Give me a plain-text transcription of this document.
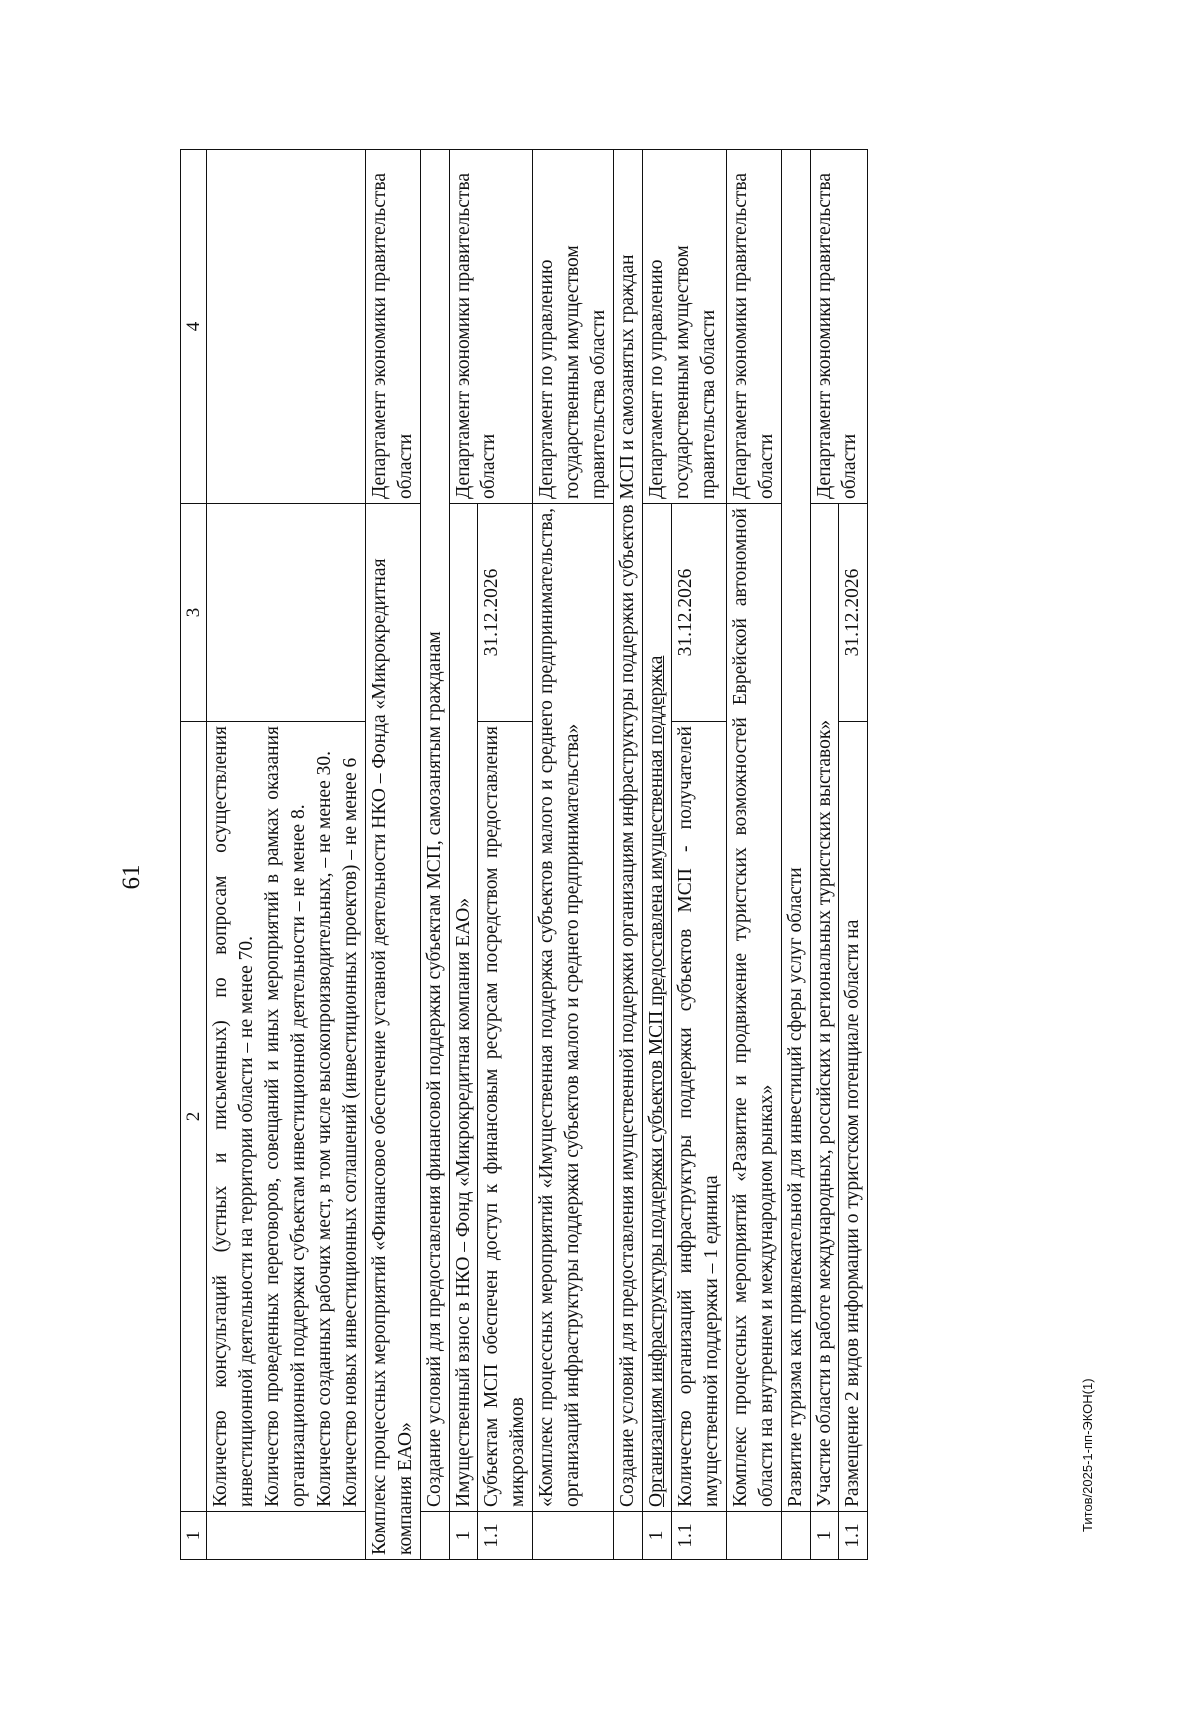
61
1	2	3	4

	Количество консультаций (устных и письменных) по вопросам осуществления инвестиционной деятельности на территории области – не менее 70. Количество проведенных переговоров, совещаний и иных мероприятий в рамках оказания организационной поддержки субъектам инвестиционной деятельности – не менее 8. Количество созданных рабочих мест, в том числе высокопроизводительных, – не менее 30. Количество новых инвестиционных соглашений (инвестиционных проектов) – не менее 6		

Комплекс процессных мероприятий «Финансовое обеспечение уставной деятельности НКО – Фонда «Микрокредитная компания ЕАО»			Департамент экономики правительства области
	Создание условий для предоставления финансовой поддержки субъектам МСП, самозанятым гражданам		
1	Имущественный взнос в НКО – Фонд «Микрокредитная компания ЕАО»		Департамент экономики правительства области
1.1	Субъектам МСП обеспечен доступ к финансовым ресурсам посредством предоставления микрозаймов	31.12.2026	
	«Комплекс процессных мероприятий «Имущественная поддержка субъектов малого и среднего предпринимательства, организаций инфраструктуры поддержки субъектов малого и среднего предпринимательства»		Департамент по управлению государственным имуществом правительства области
	Создание условий для предоставления имущественной поддержки организациям инфраструктуры поддержки субъектов МСП и самозанятых граждан		
1	Организациям инфраструктуры поддержки субъектов МСП предоставлена имущественная поддержка		Департамент по управлению государственным имуществом правительства области
1.1	Количество организаций инфраструктуры поддержки субъектов МСП - получателей имущественной поддержки – 1 единица	31.12.2026	
	Комплекс процессных мероприятий «Развитие и продвижение туристских возможностей Еврейской автономной области на внутреннем и международном рынках»		Департамент экономики правительства области
	Развитие туризма как привлекательной для инвестиций сферы услуг области		
1	Участие области в работе международных, российских и региональных туристских выставок»		Департамент экономики правительства области
1.1	Размещение 2 видов информации о туристском потенциале области на	31.12.2026	
Титов/2025-1-пп-ЭКОН(1)
